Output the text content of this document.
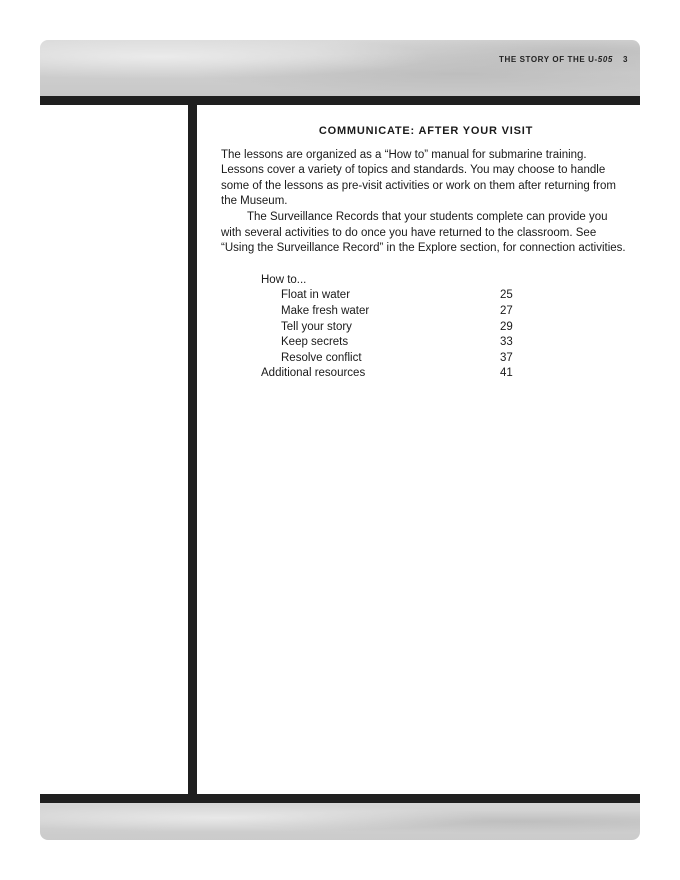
THE STORY OF THE U-505 3
COMMUNICATE: AFTER YOUR VISIT

The lessons are organized as a “How to” manual for submarine training. Lessons cover a variety of topics and standards. You may choose to handle some of the lessons as pre-visit activities or work on them after returning from the Museum.

The Surveillance Records that your students complete can provide you with several activities to do once you have returned to the classroom. See “Using the Surveillance Record” in the Explore section, for connection activities.

How to...
Float in water	25
Make fresh water	27
Tell your story	29
Keep secrets	33
Resolve conflict	37
Additional resources	41
